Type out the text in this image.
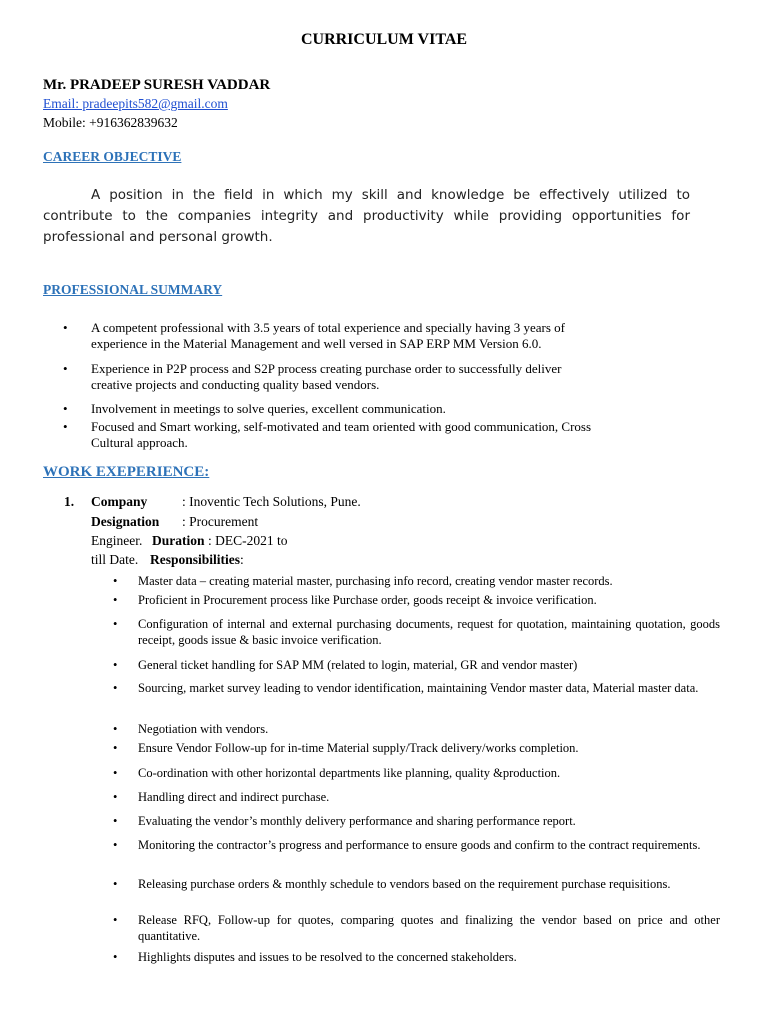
CURRICULUM VITAE
Mr. PRADEEP SURESH VADDAR
Email: pradeepits582@gmail.com
Mobile: +916362839632
CAREER OBJECTIVE
A position in the field in which my skill and knowledge be effectively utilized to contribute to the companies integrity and productivity while providing opportunities for professional and personal growth.
PROFESSIONAL SUMMARY
•	A competent professional with 3.5 years of total experience and specially having 3 years of
experience in the Material Management and well versed in SAP ERP MM Version 6.0.
•	Experience in P2P process and S2P process creating purchase order to successfully deliver
creative projects and conducting quality based vendors.
•	Involvement in meetings to solve queries, excellent communication.
•	Focused and Smart working, self-motivated and team oriented with good communication, Cross
Cultural approach.
WORK EXEPERIENCE:
1. Company	: Inoventic Tech Solutions, Pune.
Designation : Procurement
Engineer. Duration : DEC-2021 to
till Date. Responsibilities:
• Master data – creating material master, purchasing info record, creating vendor master records.
• Proficient in Procurement process like Purchase order, goods receipt & invoice verification.
• Configuration of internal and external purchasing documents, request for quotation, maintaining quotation, goods receipt, goods issue & basic invoice verification.
• General ticket handling for SAP MM (related to login, material, GR and vendor master)
• Sourcing, market survey leading to vendor identification, maintaining Vendor master data, Material master data.
• Negotiation with vendors.
• Ensure Vendor Follow-up for in-time Material supply/Track delivery/works completion.
• Co-ordination with other horizontal departments like planning, quality &production.
• Handling direct and indirect purchase.
• Evaluating the vendor’s monthly delivery performance and sharing performance report.
• Monitoring the contractor’s progress and performance to ensure goods and confirm to the contract requirements.
• Releasing purchase orders & monthly schedule to vendors based on the requirement purchase requisitions.
• Release RFQ, Follow-up for quotes, comparing quotes and finalizing the vendor based on price and other quantitative.
• Highlights disputes and issues to be resolved to the concerned stakeholders.
